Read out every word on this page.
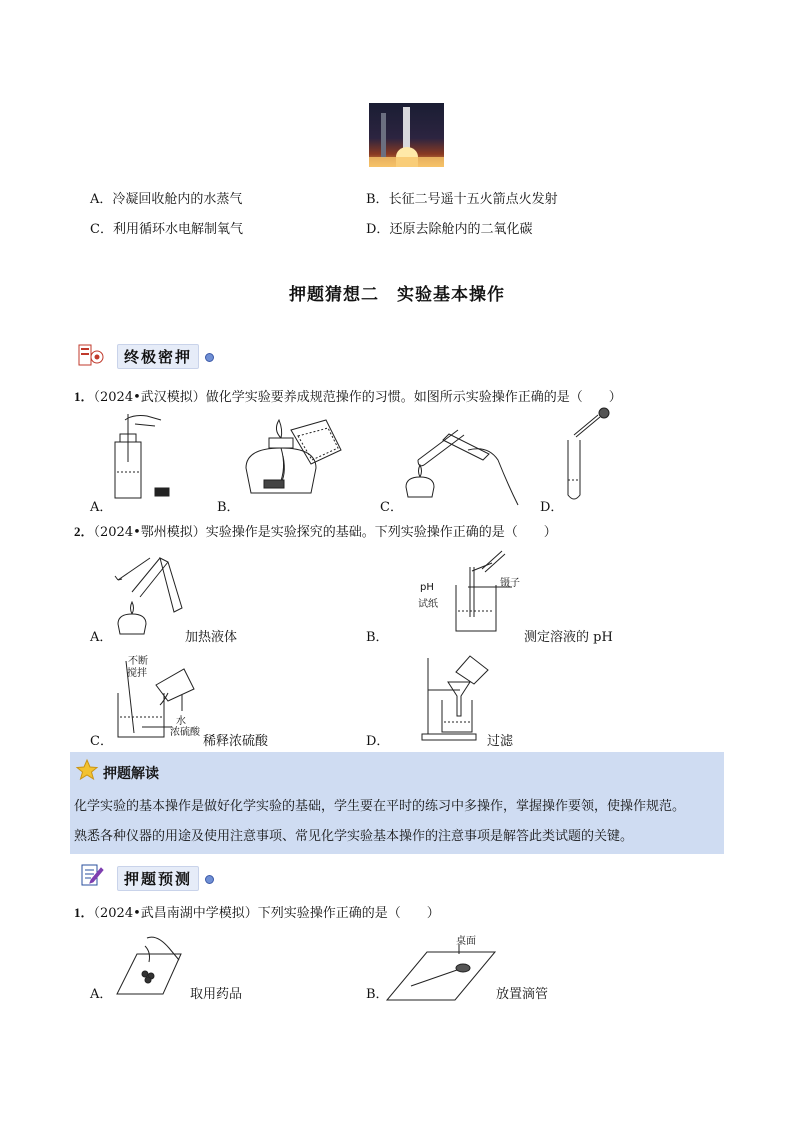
A．冷凝回收舱内的水蒸气	B．长征二号遥十五火箭点火发射
C．利用循环水电解制氧气	D．还原去除舱内的二氧化碳
押题猜想二　实验基本操作
终极密押
1．（2024•武汉模拟）做化学实验要养成规范操作的习惯。如图所示实验操作正确的是（　　）
A．	B．	C．	D．
2．（2024•鄂州模拟）实验操作是实验探究的基础。下列实验操作正确的是（　　）
A．	加热液体
pH
试纸
镊子
B．	测定溶液的 pH
不断
搅拌
水
浓硫酸
C．	稀释浓硫酸	D．	过滤
押题解读
化学实验的基本操作是做好化学实验的基础，学生要在平时的练习中多操作，掌握操作要领，使操作规范。
熟悉各种仪器的用途及使用注意事项、常见化学实验基本操作的注意事项是解答此类试题的关键。
押题预测
1．（2024•武昌南湖中学模拟）下列实验操作正确的是（　　）
A．	取用药品
桌面
B．	放置滴管
